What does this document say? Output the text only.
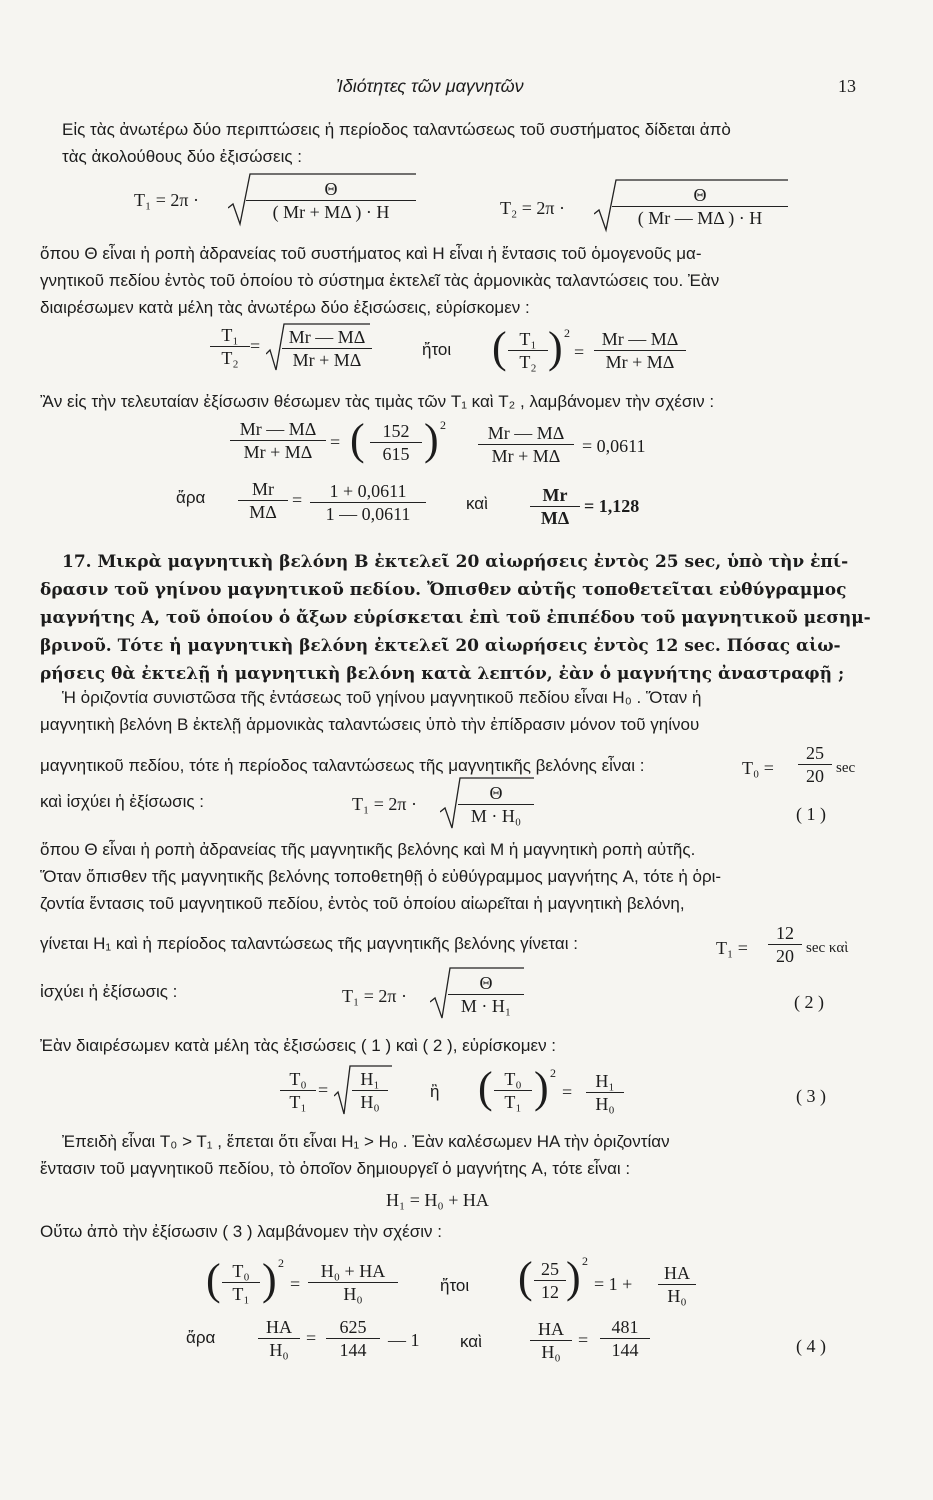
Ἰδιότητες τῶν μαγνητῶν	13
Εἰς τὰς ἀνωτέρω δύο περιπτώσεις ἡ περίοδος ταλαντώσεως τοῦ συστήματος δίδεται ἀπὸ
τὰς ἀκολούθους δύο ἐξισώσεις :
T₁ = 2π ·	$\frac{\Theta}{( Mr + M\Delta ) \cdot H}$	T₂ = 2π ·	$\frac{\Theta}{( Mr — M\Delta ) \cdot H}$
ὅπου Θ εἶναι ἡ ροπὴ ἀδρανείας τοῦ συστήματος καὶ H εἶναι ἡ ἔντασις τοῦ ὁμογενοῦς μα-
γνητικοῦ πεδίου ἐντὸς τοῦ ὁποίου τὸ σύστημα ἐκτελεῖ τὰς ἁρμονικὰς ταλαντώσεις του. Ἐὰν
διαιρέσωμεν κατὰ μέλη τὰς ἀνωτέρω δύο ἐξισώσεις, εὑρίσκομεν :
$\frac{\text{T₁}}{\text{T₂}} = \frac{Mr — M\Delta}{Mr + M\Delta}$	ἤτοι ( $\frac{\text{T₁}}{\text{T₂}}$ ) 2
= $\frac{Mr — M\Delta}{Mr + M\Delta}$
Ἂν εἰς τὴν τελευταίαν ἐξίσωσιν θέσωμεν τὰς τιμὰς τῶν T₁ καὶ T₂ , λαμβάνομεν τὴν σχέσιν :
$\frac{Mr — M\Delta}{Mr + M\Delta}$ = ( $\frac{152}{615}$ ) $2 \frac{Mr — M\Delta}{Mr + M\Delta} = 0,0611$
ἄρα $\frac{Mr}{M\Delta} = \frac{1 + 0,0611}{1 — 0,0611}$ καὶ $\frac{Mr}{M\Delta} = 1,128$
17. Μικρὰ μαγνητικὴ βελόνη B ἐκτελεῖ 20 αἰωρήσεις ἐντὸς 25 sec, ὑπὸ τὴν ἐπί-
δρασιν τοῦ γηίνου μαγνητικοῦ πεδίου. Ὄπισθεν αὐτῆς τοποθετεῖται εὐθύγραμμος
μαγνήτης A, τοῦ ὁποίου ὁ ἄξων εὑρίσκεται ἐπὶ τοῦ ἐπιπέδου τοῦ μαγνητικοῦ μεσημ-
βρινοῦ. Τότε ἡ μαγνητικὴ βελόνη ἐκτελεῖ 20 αἰωρήσεις ἐντὸς 12 sec. Πόσας αἰω-
ρήσεις θὰ ἐκτελῇ ἡ μαγνητικὴ βελόνη κατὰ λεπτόν, ἐὰν ὁ μαγνήτης ἀναστραφῇ ;
Ἡ ὁριζοντία συνιστῶσα τῆς ἐντάσεως τοῦ γηίνου μαγνητικοῦ πεδίου εἶναι H₀ . Ὅταν ἡ
μαγνητικὴ βελόνη B ἐκτελῇ ἁρμονικὰς ταλαντώσεις ὑπὸ τὴν ἐπίδρασιν μόνον τοῦ γηίνου
μαγνητικοῦ πεδίου, τότε ἡ περίοδος ταλαντώσεως τῆς μαγνητικῆς βελόνης εἶναι :	$T_0 = \frac{25}{20}$ sec
καὶ ἰσχύει ἡ ἐξίσωσις :	$T_1 = 2\pi \cdot \frac{\Theta}{\text{M · H₀}}$	( 1 )
ὅπου Θ εἶναι ἡ ροπὴ ἀδρανείας τῆς μαγνητικῆς βελόνης καὶ M ἡ μαγνητικὴ ροπὴ αὐτῆς.
Ὅταν ὄπισθεν τῆς μαγνητικῆς βελόνης τοποθετηθῇ ὁ εὐθύγραμμος μαγνήτης A, τότε ἡ ὁρι-
ζοντία ἔντασις τοῦ μαγνητικοῦ πεδίου, ἐντὸς τοῦ ὁποίου αἰωρεῖται ἡ μαγνητικὴ βελόνη,
γίνεται H₁ καὶ ἡ περίοδος ταλαντώσεως τῆς μαγνητικῆς βελόνης γίνεται :	$T_1 = \frac{12}{20}$ sec καὶ
ἰσχύει ἡ ἐξίσωσις :	$T_1 = 2\pi \cdot \frac{\Theta}{\text{M · H₁}}$	( 2 )
Ἐὰν διαιρέσωμεν κατὰ μέλη τὰς ἐξισώσεις ( 1 ) καὶ ( 2 ), εὑρίσκομεν :
$\frac{\text{T₀}}{\text{T₁}} = \frac{\text{H₁}}{\text{H₀}}$ ἢ ( $\frac{\text{T₀}}{\text{T₁}}$ ) 2
= $\frac{\text{H₁}}{\text{H₀}}$	( 3 )
Ἐπειδὴ εἶναι T₀ > T₁ , ἕπεται ὅτι εἶναι H₁ > H₀ . Ἐὰν καλέσωμεν HA τὴν ὁριζοντίαν
ἔντασιν τοῦ μαγνητικοῦ πεδίου, τὸ ὁποῖον δημιουργεῖ ὁ μαγνήτης A, τότε εἶναι :
H₁ = H₀ + HA
Οὕτω ἀπὸ τὴν ἐξίσωσιν ( 3 ) λαμβάνομεν τὴν σχέσιν :
( $\frac{\text{T₀}}{\text{T₁}}$ ) 2
= $\frac{\text{H₀ + HA}}{\text{H₀}}$ ἤτοι ( $\frac{25}{12}$ ) 2
= $1 + \frac{HA}{\text{H₀}}$
ἄρα $\frac{HA}{\text{H₀}} = \frac{625}{144}$ — 1 καὶ	$\frac{HA}{\text{H₀}} = \frac{481}{144}$	( 4 )
